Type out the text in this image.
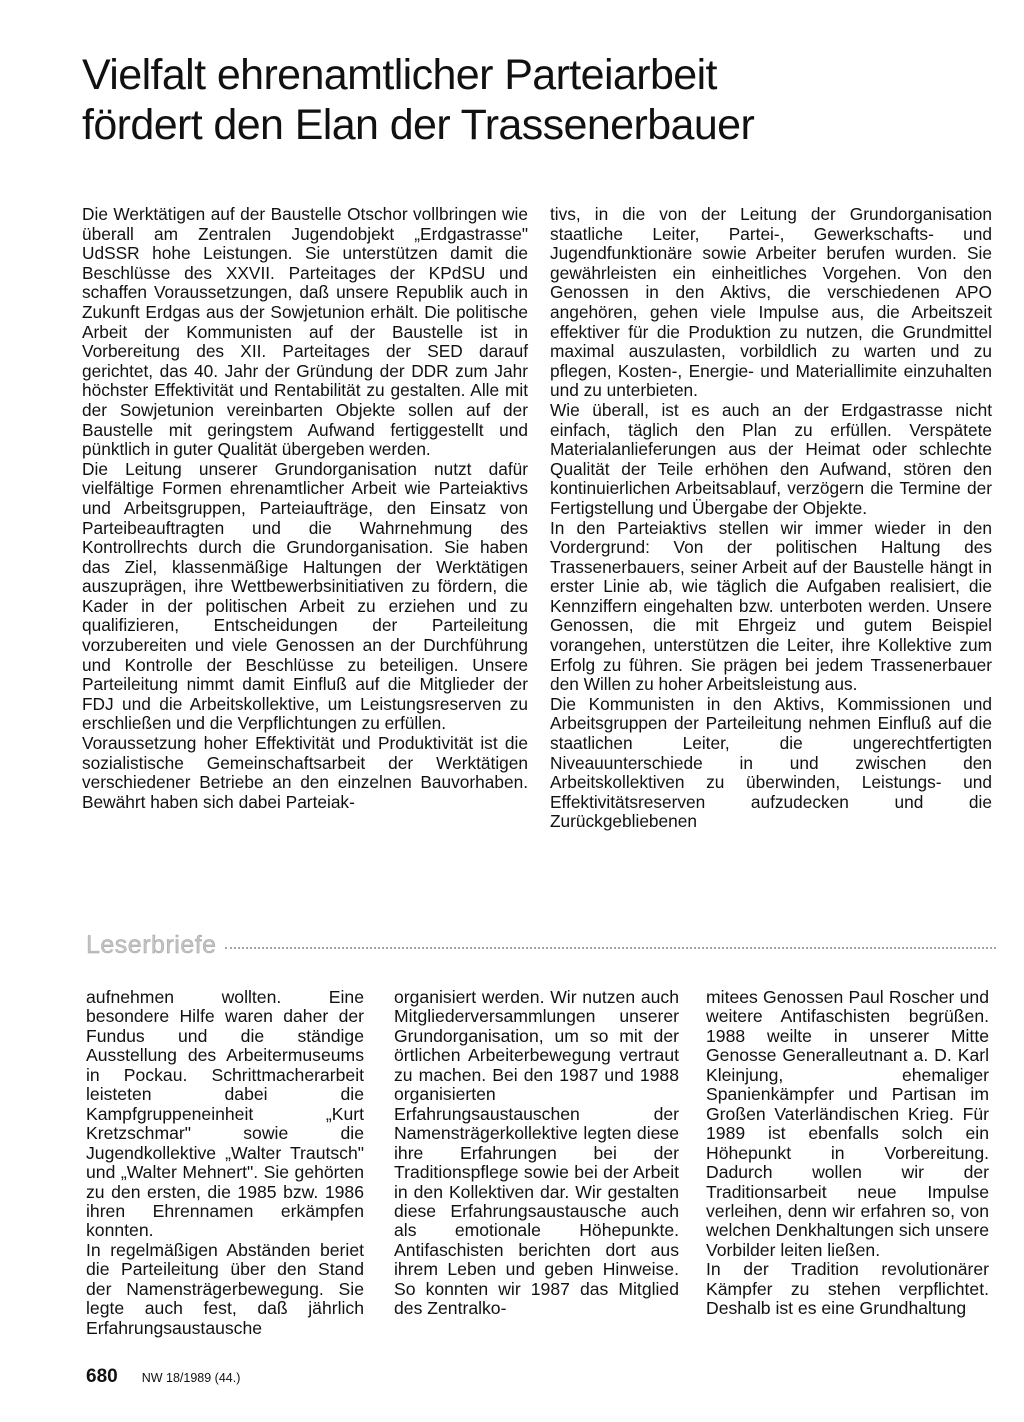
Vielfalt ehrenamtlicher Parteiarbeit
fördert den Elan der Trassenerbauer

Die Werktätigen auf der Baustelle Otschor vollbringen wie überall am Zentralen Jugendobjekt „Erdgastrasse" UdSSR hohe Leistungen. Sie unterstützen damit die Beschlüsse des XXVII. Parteitages der KPdSU und schaffen Voraussetzungen, daß unsere Republik auch in Zukunft Erdgas aus der Sowjetunion erhält. Die politische Arbeit der Kommunisten auf der Baustelle ist in Vorbereitung des XII. Parteitages der SED darauf gerichtet, das 40. Jahr der Gründung der DDR zum Jahr höchster Effektivität und Rentabilität zu gestalten. Alle mit der Sowjetunion vereinbarten Objekte sollen auf der Baustelle mit geringstem Aufwand fertiggestellt und pünktlich in guter Qualität übergeben werden.

Die Leitung unserer Grundorganisation nutzt dafür vielfältige Formen ehrenamtlicher Arbeit wie Parteiaktivs und Arbeitsgruppen, Parteiaufträge, den Einsatz von Parteibeauftragten und die Wahrnehmung des Kontrollrechts durch die Grundorganisation. Sie haben das Ziel, klassenmäßige Haltungen der Werktätigen auszuprägen, ihre Wettbewerbsinitiativen zu fördern, die Kader in der politischen Arbeit zu erziehen und zu qualifizieren, Entscheidungen der Parteileitung vorzubereiten und viele Genossen an der Durchführung und Kontrolle der Beschlüsse zu beteiligen. Unsere Parteileitung nimmt damit Einfluß auf die Mitglieder der FDJ und die Arbeitskollektive, um Leistungsreserven zu erschließen und die Verpflichtungen zu erfüllen.

Voraussetzung hoher Effektivität und Produktivität ist die sozialistische Gemeinschaftsarbeit der Werktätigen verschiedener Betriebe an den einzelnen Bauvorhaben. Bewährt haben sich dabei Parteiak-

tivs, in die von der Leitung der Grundorganisation staatliche Leiter, Partei-, Gewerkschafts- und Jugendfunktionäre sowie Arbeiter berufen wurden. Sie gewährleisten ein einheitliches Vorgehen. Von den Genossen in den Aktivs, die verschiedenen APO angehören, gehen viele Impulse aus, die Arbeitszeit effektiver für die Produktion zu nutzen, die Grundmittel maximal auszulasten, vorbildlich zu warten und zu pflegen, Kosten-, Energie- und Materiallimite einzuhalten und zu unterbieten.

Wie überall, ist es auch an der Erdgastrasse nicht einfach, täglich den Plan zu erfüllen. Verspätete Materialanlieferungen aus der Heimat oder schlechte Qualität der Teile erhöhen den Aufwand, stören den kontinuierlichen Arbeitsablauf, verzögern die Termine der Fertigstellung und Übergabe der Objekte.

In den Parteiaktivs stellen wir immer wieder in den Vordergrund: Von der politischen Haltung des Trassenerbauers, seiner Arbeit auf der Baustelle hängt in erster Linie ab, wie täglich die Aufgaben realisiert, die Kennziffern eingehalten bzw. unterboten werden. Unsere Genossen, die mit Ehrgeiz und gutem Beispiel vorangehen, unterstützen die Leiter, ihre Kollektive zum Erfolg zu führen. Sie prägen bei jedem Trassenerbauer den Willen zu hoher Arbeitsleistung aus.

Die Kommunisten in den Aktivs, Kommissionen und Arbeitsgruppen der Parteileitung nehmen Einfluß auf die staatlichen Leiter, die ungerechtfertigten Niveauunterschiede in und zwischen den Arbeitskollektiven zu überwinden, Leistungs- und Effektivitätsreserven aufzudecken und die Zurückgebliebenen

Leserbriefe

aufnehmen wollten. Eine besondere Hilfe waren daher der Fundus und die ständige Ausstellung des Arbeitermuseums in Pockau. Schrittmacherarbeit leisteten dabei die Kampfgruppeneinheit „Kurt Kretzschmar" sowie die Jugendkollektive „Walter Trautsch" und „Walter Mehnert". Sie gehörten zu den ersten, die 1985 bzw. 1986 ihren Ehrennamen erkämpfen konnten.

In regelmäßigen Abständen beriet die Parteileitung über den Stand der Namensträgerbewegung. Sie legte auch fest, daß jährlich Erfahrungsaustausche

organisiert werden. Wir nutzen auch Mitgliederversammlungen unserer Grundorganisation, um so mit der örtlichen Arbeiterbewegung vertraut zu machen. Bei den 1987 und 1988 organisierten Erfahrungsaustauschen der Namensträgerkollektive legten diese ihre Erfahrungen bei der Traditionspflege sowie bei der Arbeit in den Kollektiven dar. Wir gestalten diese Erfahrungsaustausche auch als emotionale Höhepunkte. Antifaschisten berichten dort aus ihrem Leben und geben Hinweise. So konnten wir 1987 das Mitglied des Zentralko-

mitees Genossen Paul Roscher und weitere Antifaschisten begrüßen. 1988 weilte in unserer Mitte Genosse Generalleutnant a. D. Karl Kleinjung, ehemaliger Spanienkämpfer und Partisan im Großen Vaterländischen Krieg. Für 1989 ist ebenfalls solch ein Höhepunkt in Vorbereitung. Dadurch wollen wir der Traditionsarbeit neue Impulse verleihen, denn wir erfahren so, von welchen Denkhaltungen sich unsere Vorbilder leiten ließen.

In der Tradition revolutionärer Kämpfer zu stehen verpflichtet. Deshalb ist es eine Grundhaltung

680 NW 18/1989 (44.)
